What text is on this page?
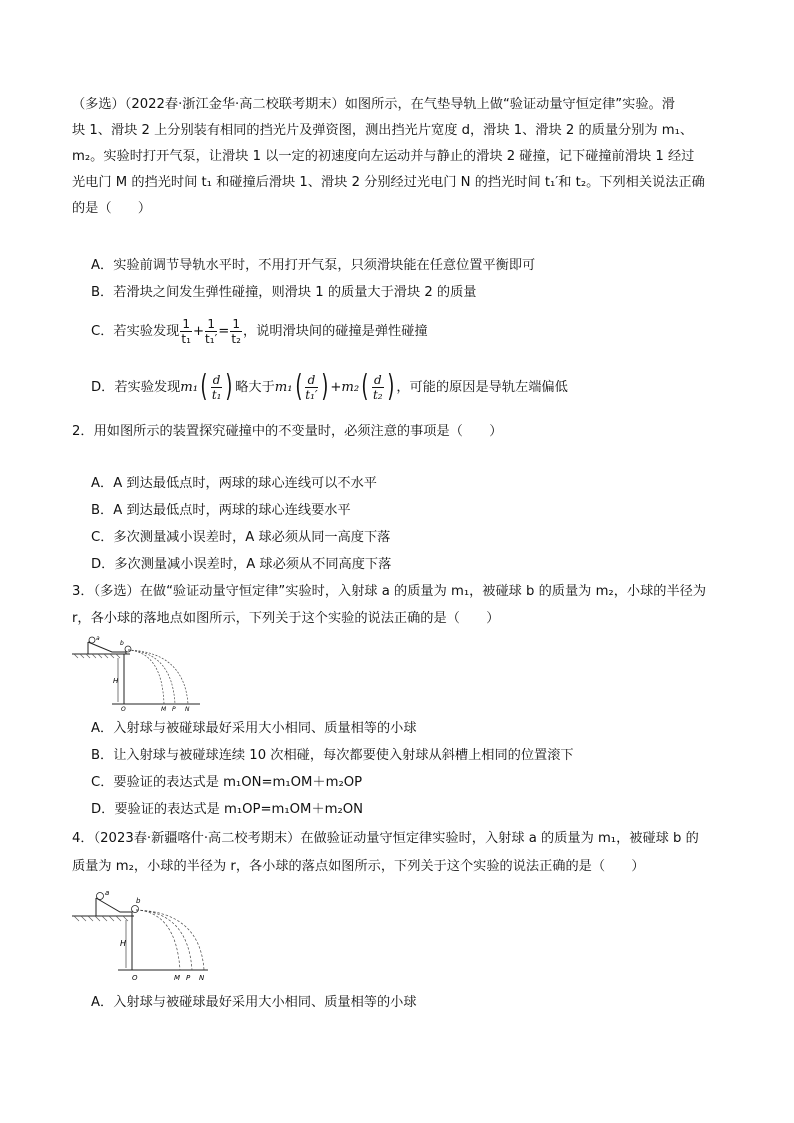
（多选）（2022春·浙江金华·高二校联考期末）如图所示，在气垫导轨上做“验证动量守恒定律”实验。滑
块 1、滑块 2 上分别装有相同的挡光片及弹资图，测出挡光片宽度 d，滑块 1、滑块 2 的质量分别为 m₁、
m₂。实验时打开气泵，让滑块 1 以一定的初速度向左运动并与静止的滑块 2 碰撞，记下碰撞前滑块 1 经过
光电门 M 的挡光时间 t₁ 和碰撞后滑块 1、滑块 2 分别经过光电门 N 的挡光时间 t₁′和 t₂。下列相关说法正确
的是（　　）
A．实验前调节导轨水平时，不用打开气泵，只须滑块能在任意位置平衡即可
B．若滑块之间发生弹性碰撞，则滑块 1 的质量大于滑块 2 的质量
C．若实验发现 $\frac{1}{\text{t₁}} + \frac{1}{\text{t₁′}} = \frac{1}{\text{t₂}}$ ，说明滑块间的碰撞是弹性碰撞
D．若实验发现$m_1( \frac{d}{\text{t₁}}$ ) 略大于$m_1( \frac{d}{\text{t₁′}}$ ) $+m_2( \frac{d}{\text{t₂}}$ ) ，可能的原因是导轨左端偏低
2．用如图所示的装置探究碰撞中的不变量时，必须注意的事项是（　　）
A．A 到达最低点时，两球的球心连线可以不水平
B．A 到达最低点时，两球的球心连线要水平
C．多次测量减小误差时，A 球必须从同一高度下落
D．多次测量减小误差时，A 球必须从不同高度下落
3．（多选）在做“验证动量守恒定律”实验时，入射球 a 的质量为 m₁，被碰球 b 的质量为 m₂，小球的半径为
r，各小球的落地点如图所示，下列关于这个实验的说法正确的是（　　）
a
b
H
O	M P N
A．入射球与被碰球最好采用大小相同、质量相等的小球
B．让入射球与被碰球连续 10 次相碰，每次都要使入射球从斜槽上相同的位置滚下
C．要验证的表达式是 m₁ON=m₁OM＋m₂OP
D．要验证的表达式是 m₁OP=m₁OM＋m₂ON
4．（2023春·新疆喀什·高二校考期末）在做验证动量守恒定律实验时，入射球 a 的质量为 m₁，被碰球 b 的
质量为 m₂，小球的半径为 r，各小球的落点如图所示，下列关于这个实验的说法正确的是（　　）
a
b
H
O	M P N
A．入射球与被碰球最好采用大小相同、质量相等的小球
